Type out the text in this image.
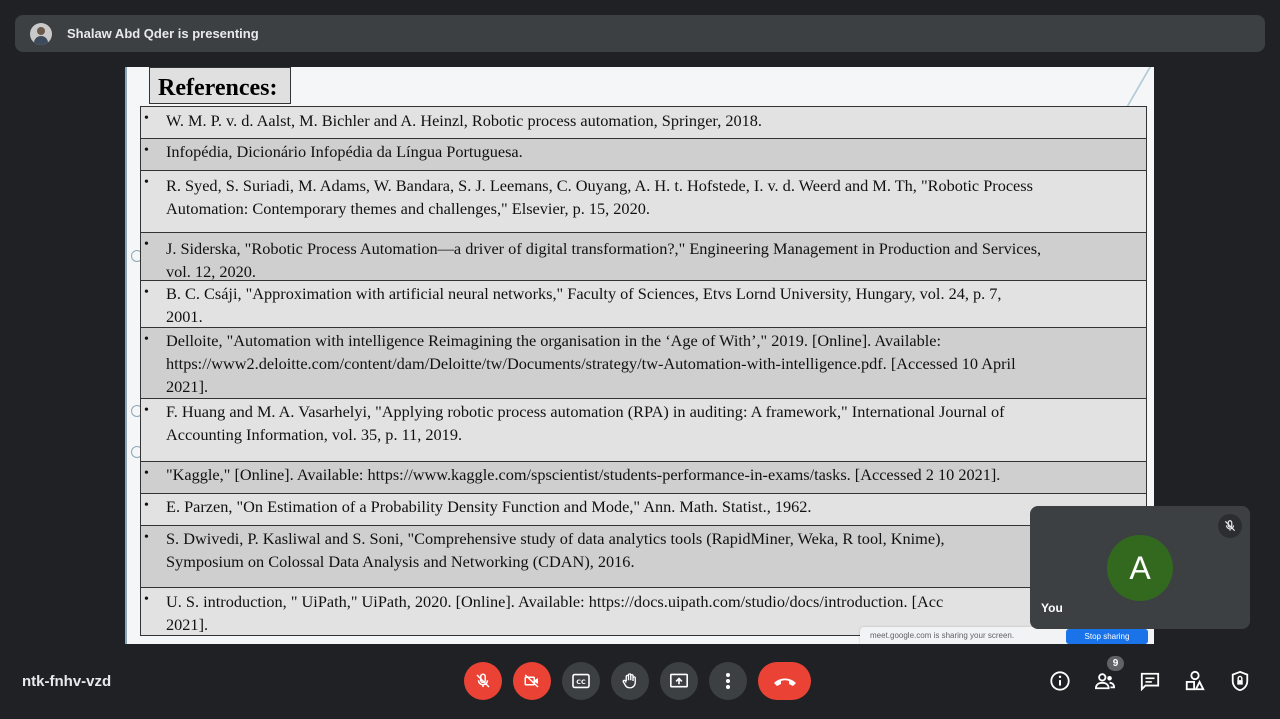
Shalaw Abd Qder is presenting
References:
• W. M. P. v. d. Aalst, M. Bichler and A. Heinzl, Robotic process automation, Springer, 2018.
• Infopédia, Dicionário Infopédia da Língua Portuguesa.
• R. Syed, S. Suriadi, M. Adams, W. Bandara, S. J. Leemans, C. Ouyang, A. H. t. Hofstede, I. v. d. Weerd and M. Th, "Robotic Process
Automation: Contemporary themes and challenges," Elsevier, p. 15, 2020.
• J. Siderska, "Robotic Process Automation—a driver of digital transformation?," Engineering Management in Production and Services,
vol. 12, 2020.
• B. C. Csáji, "Approximation with artificial neural networks," Faculty of Sciences, Etvs Lornd University, Hungary, vol. 24, p. 7,
2001.
• Delloite, "Automation with intelligence Reimagining the organisation in the ‘Age of With’," 2019. [Online]. Available:
https://www2.deloitte.com/content/dam/Deloitte/tw/Documents/strategy/tw-Automation-with-intelligence.pdf. [Accessed 10 April
2021].
• F. Huang and M. A. Vasarhelyi, "Applying robotic process automation (RPA) in auditing: A framework," International Journal of
Accounting Information, vol. 35, p. 11, 2019.
• "Kaggle," [Online]. Available: https://www.kaggle.com/spscientist/students-performance-in-exams/tasks. [Accessed 2 10 2021].
• E. Parzen, "On Estimation of a Probability Density Function and Mode," Ann. Math. Statist., 1962.
• S. Dwivedi, P. Kasliwal and S. Soni, "Comprehensive study of data analytics tools (RapidMiner, Weka, R tool, Knime),
Symposium on Colossal Data Analysis and Networking (CDAN), 2016.
• U. S. introduction, " UiPath," UiPath, 2020. [Online]. Available: https://docs.uipath.com/studio/docs/introduction. [Acc
2021].
meet.google.com is sharing your screen.	Stop sharing
A
You
ntk-fnhv-vzd	CC
9
